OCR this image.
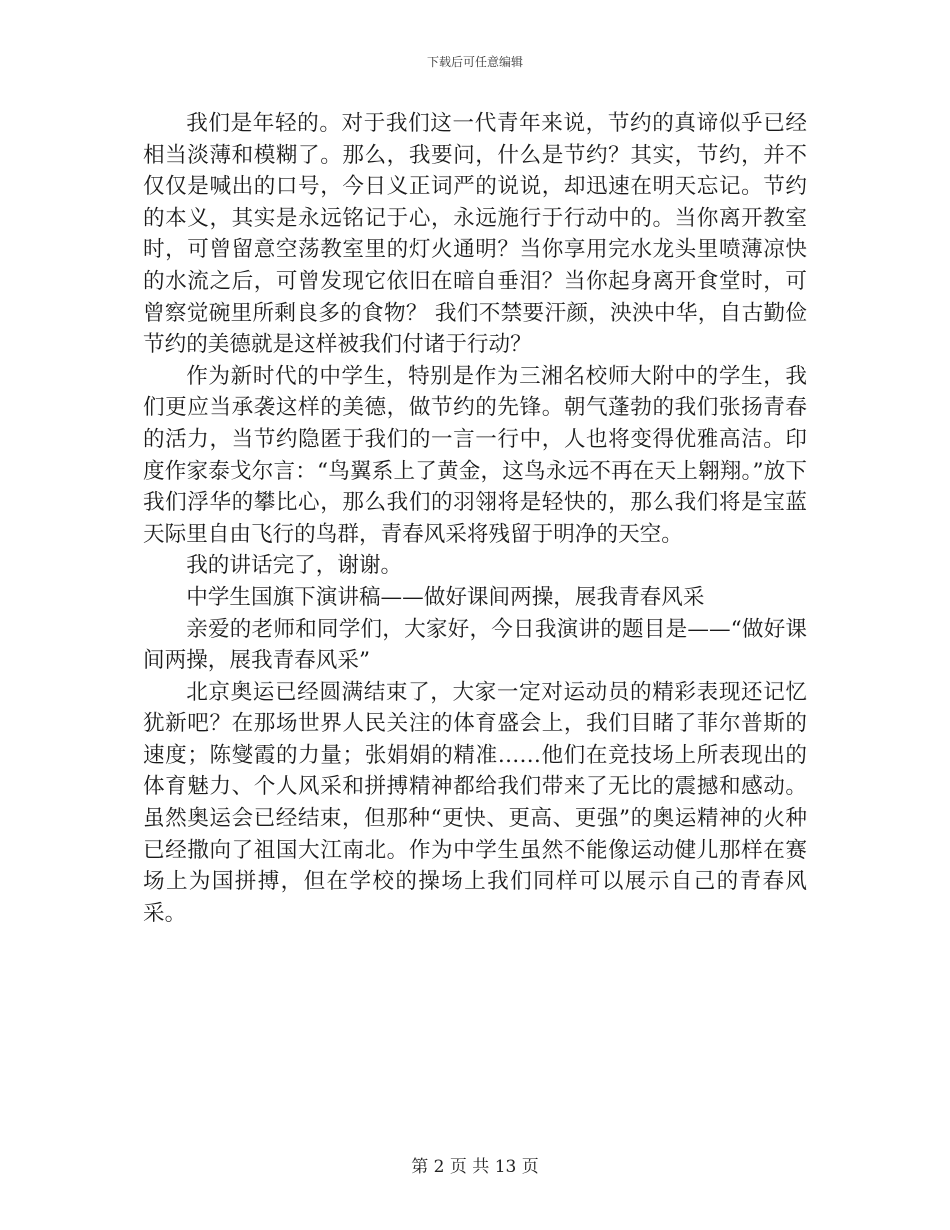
下载后可任意编辑

我们是年轻的。对于我们这一代青年来说，节约的真谛似乎已经相当淡薄和模糊了。那么，我要问，什么是节约？其实，节约，并不仅仅是喊出的口号，今日义正词严的说说，却迅速在明天忘记。节约的本义，其实是永远铭记于心，永远施行于行动中的。当你离开教室时，可曾留意空荡教室里的灯火通明？当你享用完水龙头里喷薄凉快的水流之后，可曾发现它依旧在暗自垂泪？当你起身离开食堂时，可曾察觉碗里所剩良多的食物？ 我们不禁要汗颜，泱泱中华，自古勤俭节约的美德就是这样被我们付诸于行动？

作为新时代的中学生，特别是作为三湘名校师大附中的学生，我们更应当承袭这样的美德，做节约的先锋。朝气蓬勃的我们张扬青春的活力，当节约隐匿于我们的一言一行中，人也将变得优雅高洁。印度作家泰戈尔言：“鸟翼系上了黄金，这鸟永远不再在天上翱翔。”放下我们浮华的攀比心，那么我们的羽翎将是轻快的，那么我们将是宝蓝天际里自由飞行的鸟群，青春风采将残留于明净的天空。

我的讲话完了，谢谢。

中学生国旗下演讲稿——做好课间两操，展我青春风采

亲爱的老师和同学们，大家好，今日我演讲的题目是——“做好课间两操，展我青春风采”

北京奥运已经圆满结束了，大家一定对运动员的精彩表现还记忆犹新吧？在那场世界人民关注的体育盛会上，我们目睹了菲尔普斯的速度；陈燮霞的力量；张娟娟的精准……他们在竞技场上所表现出的体育魅力、个人风采和拼搏精神都给我们带来了无比的震撼和感动。虽然奥运会已经结束，但那种“更快、更高、更强”的奥运精神的火种已经撒向了祖国大江南北。作为中学生虽然不能像运动健儿那样在赛场上为国拼搏，但在学校的操场上我们同样可以展示自己的青春风采。

第 2 页 共 13 页
